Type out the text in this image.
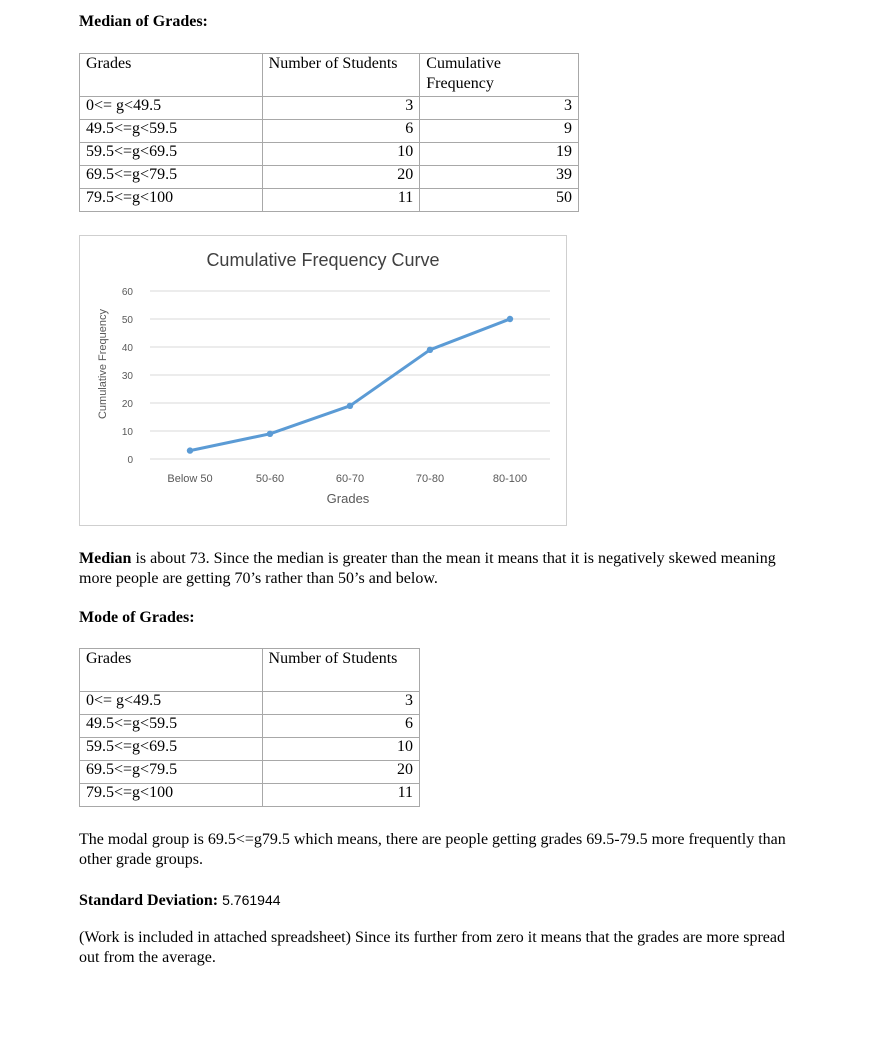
Median of Grades:
Grades	Number of Students	Cumulative Frequency
0<= g<49.5	3	3
49.5<=g<59.5	6	9
59.5<=g<69.5	10	19
69.5<=g<79.5	20	39
79.5<=g<100	11	50
Cumulative Frequency Curve
Cumulative Frequency
Grades
0
10
20
30
40
50
60
Below 50	50-60	60-70	70-80	80-100
Median is about 73. Since the median is greater than the mean it means that it is negatively skewed meaning more people are getting 70’s rather than 50’s and below.
Mode of Grades:
Grades	Number of Students
0<= g<49.5	3
49.5<=g<59.5	6
59.5<=g<69.5	10
69.5<=g<79.5	20
79.5<=g<100	11
The modal group is 69.5<=g79.5 which means, there are people getting grades 69.5-79.5 more frequently than other grade groups.
Standard Deviation: 5.761944
(Work is included in attached spreadsheet) Since its further from zero it means that the grades are more spread out from the average.
